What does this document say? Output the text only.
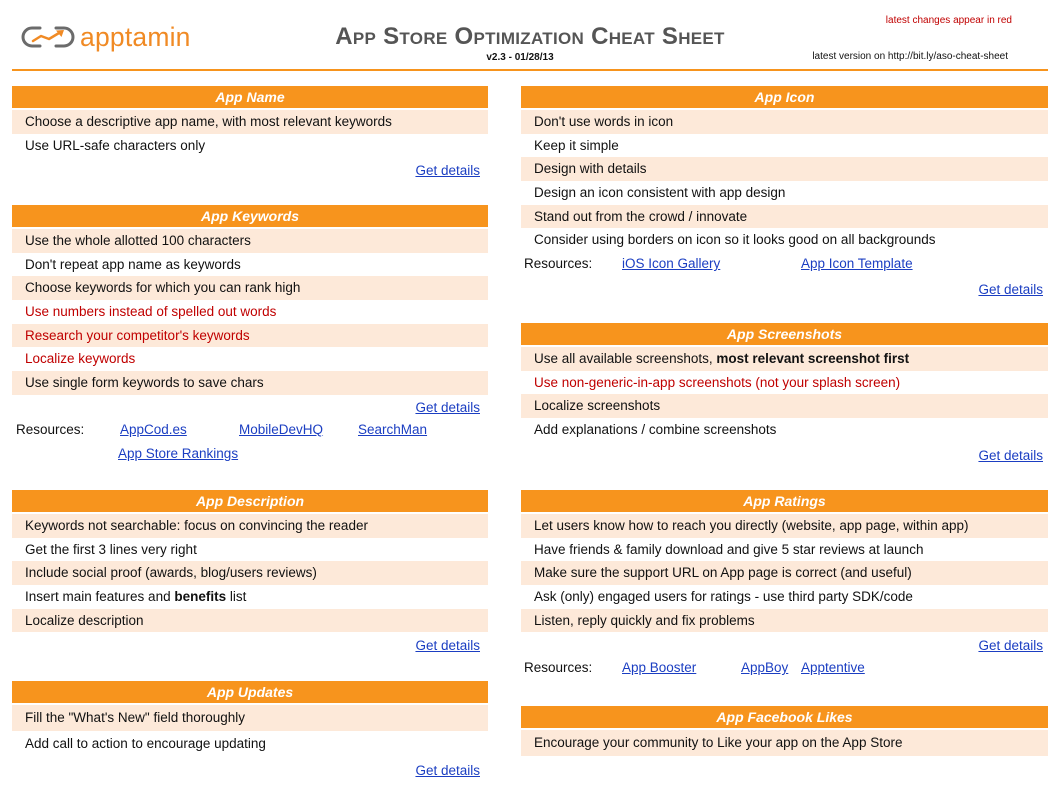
apptamin	App Store Optimization Cheat Sheet
v2.3 - 01/28/13
latest changes appear in red
latest version on http://bit.ly/aso-cheat-sheet
App Name
Choose a descriptive app name, with most relevant keywords
Use URL-safe characters only
Get details
App Keywords
Use the whole allotted 100 characters
Don't repeat app name as keywords
Choose keywords for which you can rank high
Use numbers instead of spelled out words
Research your competitor's keywords
Localize keywords
Use single form keywords to save chars
Get details
Resources:	AppCod.es	MobileDevHQ	SearchMan
App Store Rankings
App Description
Keywords not searchable: focus on convincing the reader
Get the first 3 lines very right
Include social proof (awards, blog/users reviews)
Insert main features and benefits list
Localize description
Get details
App Updates
Fill the "What's New" field thoroughly
Add call to action to encourage updating
Get details
App Icon
Don't use words in icon
Keep it simple
Design with details
Design an icon consistent with app design
Stand out from the crowd / innovate
Consider using borders on icon so it looks good on all backgrounds
Resources: iOS Icon Gallery	App Icon Template
Get details
App Screenshots
Use all available screenshots, most relevant screenshot first
Use non-generic-in-app screenshots (not your splash screen)
Localize screenshots
Add explanations / combine screenshots
Get details
App Ratings
Let users know how to reach you directly (website, app page, within app)
Have friends & family download and give 5 star reviews at launch
Make sure the support URL on App page is correct (and useful)
Ask (only) engaged users for ratings - use third party SDK/code
Listen, reply quickly and fix problems
Get details
Resources: App Booster	AppBoy Apptentive
App Facebook Likes
Encourage your community to Like your app on the App Store
